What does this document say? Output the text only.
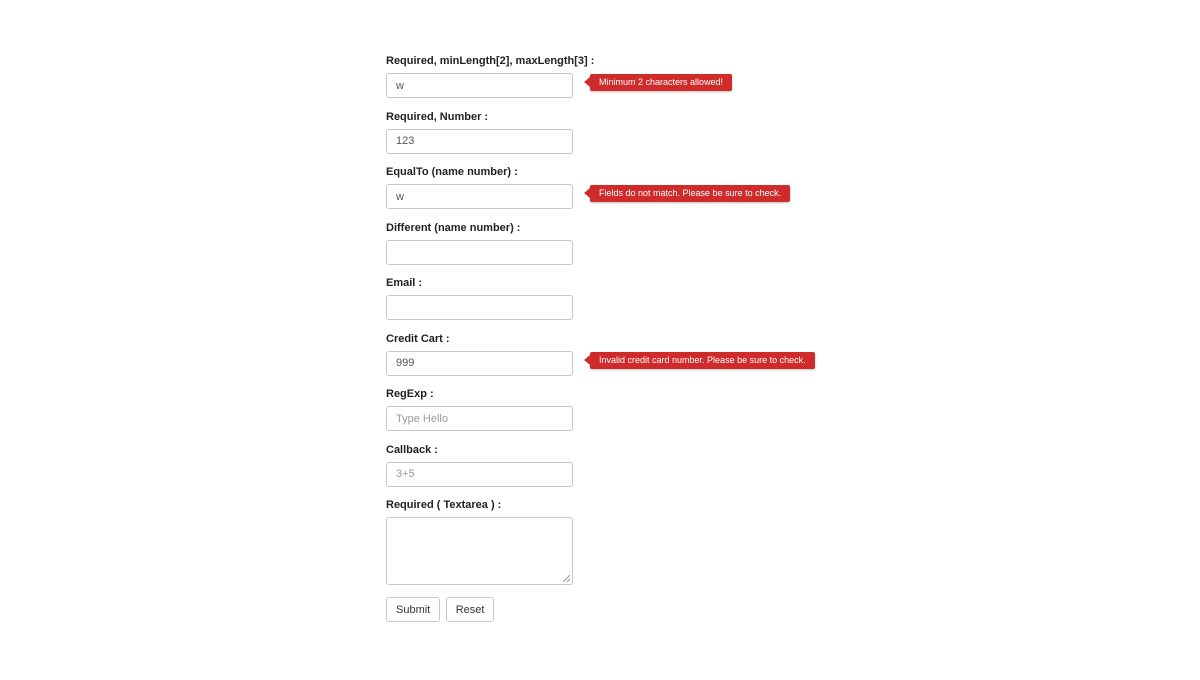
Required, minLength[2], maxLength[3] :
w
Minimum 2 characters allowed!
Required, Number :
123
EqualTo (name number) :
w
Fields do not match. Please be sure to check.
Different (name number) :
Email :
Credit Cart :
999
Invalid credit card number. Please be sure to check.
RegExp :
Type Hello
Callback :
3+5
Required ( Textarea ) :
Submit Reset
